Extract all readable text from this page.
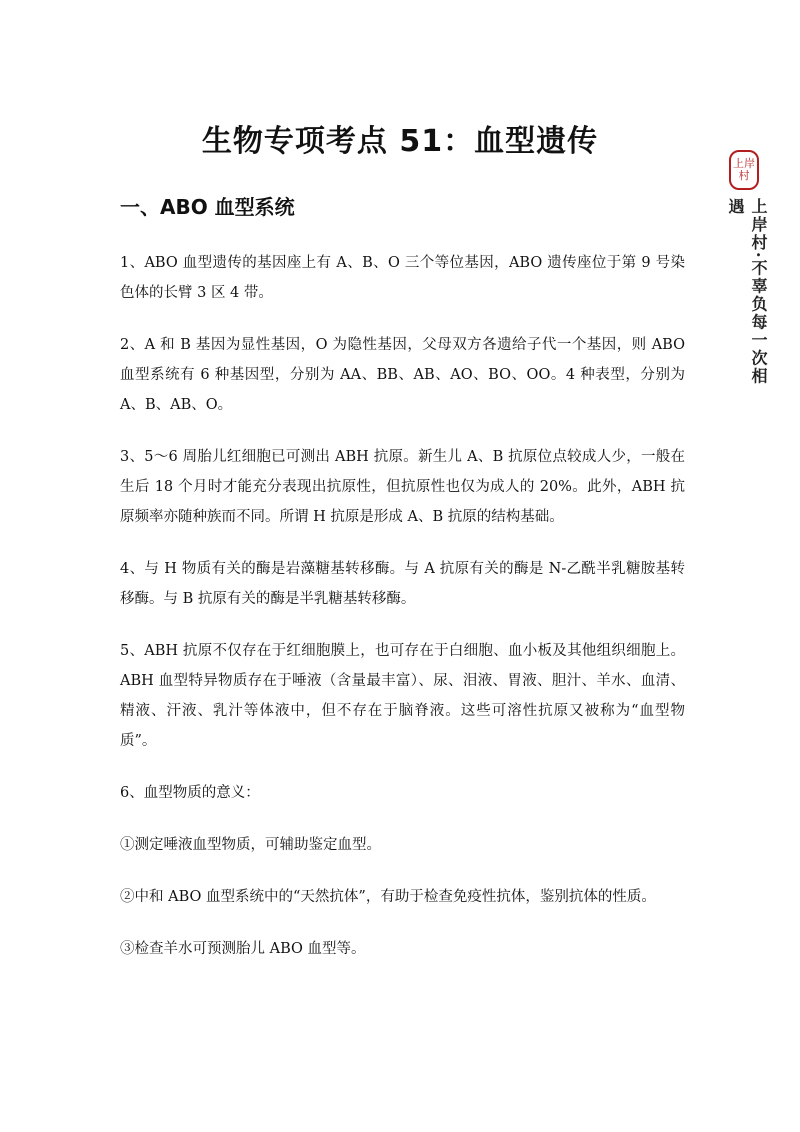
生物专项考点 51：血型遗传
一、ABO 血型系统

1、ABO 血型遗传的基因座上有 A、B、O 三个等位基因，ABO 遗传座位于第 9 号染色体的长臂 3 区 4 带。

2、A 和 B 基因为显性基因，O 为隐性基因，父母双方各遗给子代一个基因，则 ABO 血型系统有 6 种基因型，分别为 AA、BB、AB、AO、BO、OO。4 种表型，分别为 A、B、AB、O。

3、5～6 周胎儿红细胞已可测出 ABH 抗原。新生儿 A、B 抗原位点较成人少，一般在生后 18 个月时才能充分表现出抗原性，但抗原性也仅为成人的 20%。此外，ABH 抗原频率亦随种族而不同。所谓 H 抗原是形成 A、B 抗原的结构基础。

4、与 H 物质有关的酶是岩藻糖基转移酶。与 A 抗原有关的酶是 N-乙酰半乳糖胺基转移酶。与 B 抗原有关的酶是半乳糖基转移酶。

5、ABH 抗原不仅存在于红细胞膜上，也可存在于白细胞、血小板及其他组织细胞上。ABH 血型特异物质存在于唾液（含量最丰富）、尿、泪液、胃液、胆汁、羊水、血清、精液、汗液、乳汁等体液中，但不存在于脑脊液。这些可溶性抗原又被称为“血型物质”。

6、血型物质的意义：

①测定唾液血型物质，可辅助鉴定血型。

②中和 ABO 血型系统中的“天然抗体”，有助于检查免疫性抗体，鉴别抗体的性质。

③检查羊水可预测胎儿 ABO 血型等。

上岸
村
上岸村·不辜负每一次相遇
